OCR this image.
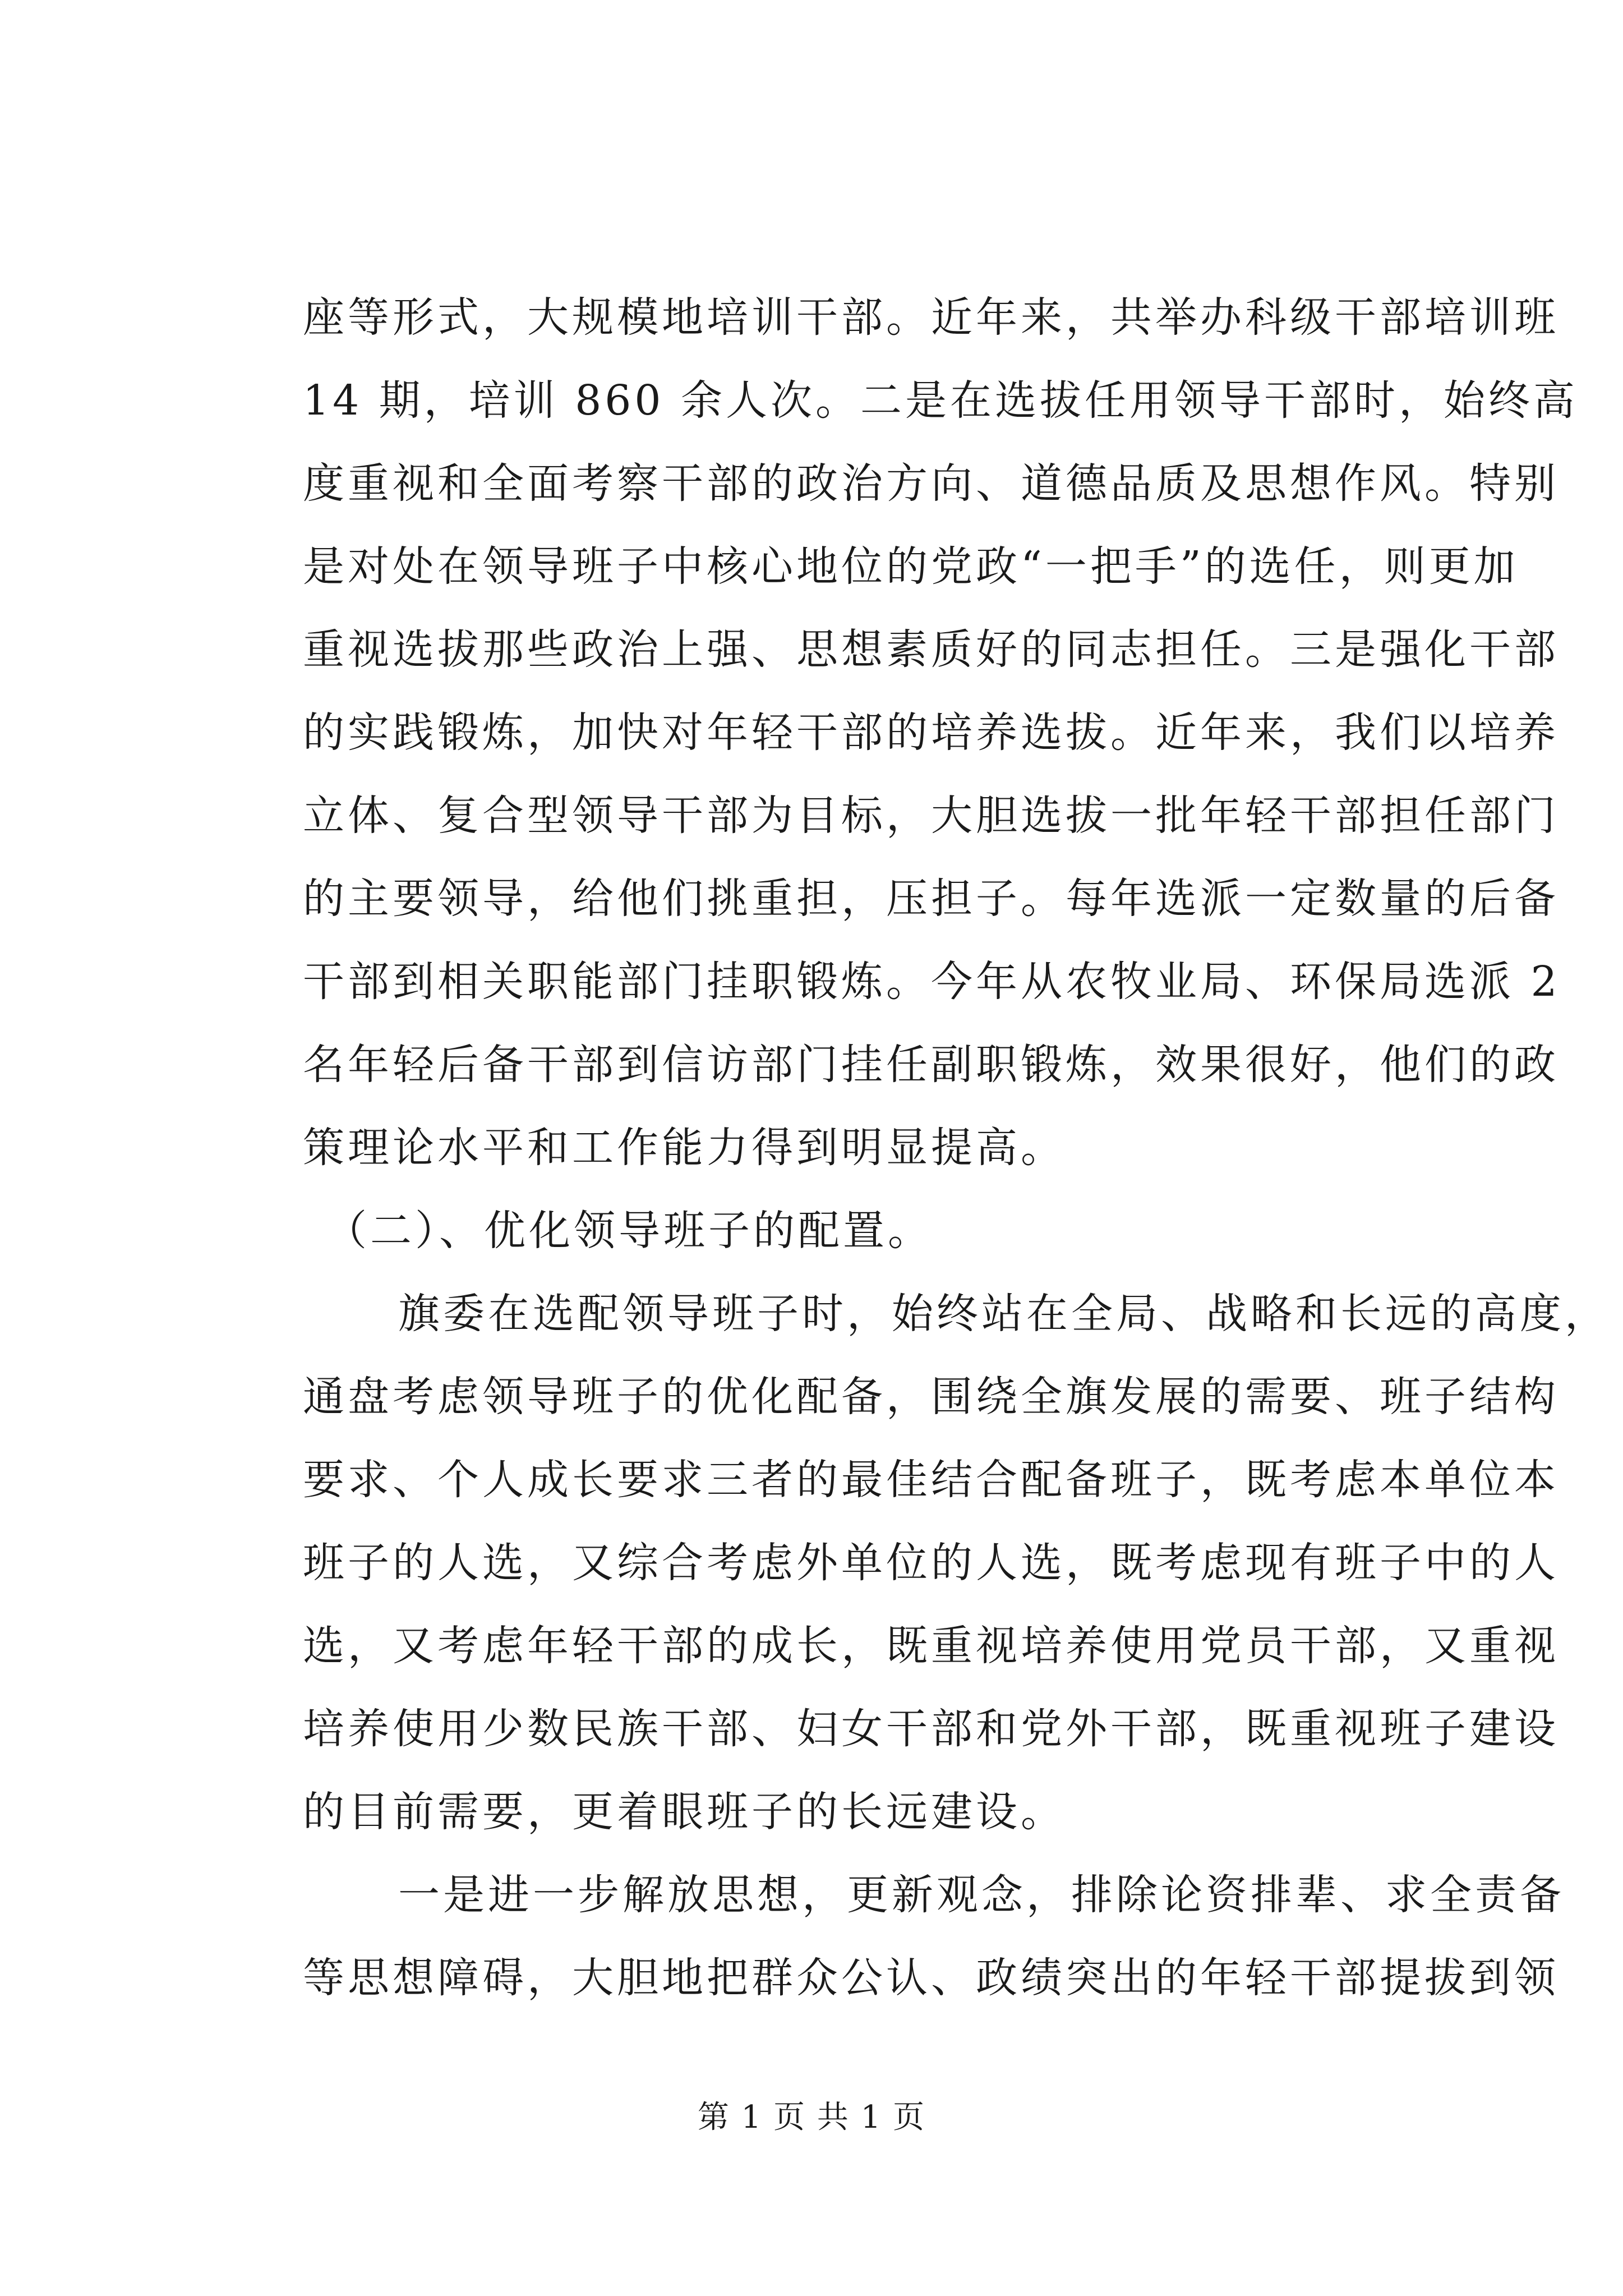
座等形式，大规模地培训干部。近年来，共举办科级干部培训班
14 期，培训 860 余人次。二是在选拔任用领导干部时，始终高
度重视和全面考察干部的政治方向、道德品质及思想作风。特别
是对处在领导班子中核心地位的党政“一把手”的选任，则更加
重视选拔那些政治上强、思想素质好的同志担任。三是强化干部
的实践锻炼，加快对年轻干部的培养选拔。近年来，我们以培养
立体、复合型领导干部为目标，大胆选拔一批年轻干部担任部门
的主要领导，给他们挑重担，压担子。每年选派一定数量的后备
干部到相关职能部门挂职锻炼。今年从农牧业局、环保局选派 2
名年轻后备干部到信访部门挂任副职锻炼，效果很好，他们的政
策理论水平和工作能力得到明显提高。
（二）、优化领导班子的配置。
旗委在选配领导班子时，始终站在全局、战略和长远的高度，
通盘考虑领导班子的优化配备，围绕全旗发展的需要、班子结构
要求、个人成长要求三者的最佳结合配备班子，既考虑本单位本
班子的人选，又综合考虑外单位的人选，既考虑现有班子中的人
选，又考虑年轻干部的成长，既重视培养使用党员干部，又重视
培养使用少数民族干部、妇女干部和党外干部，既重视班子建设
的目前需要，更着眼班子的长远建设。
一是进一步解放思想，更新观念，排除论资排辈、求全责备
等思想障碍，大胆地把群众公认、政绩突出的年轻干部提拔到领
第 1 页 共 1 页
